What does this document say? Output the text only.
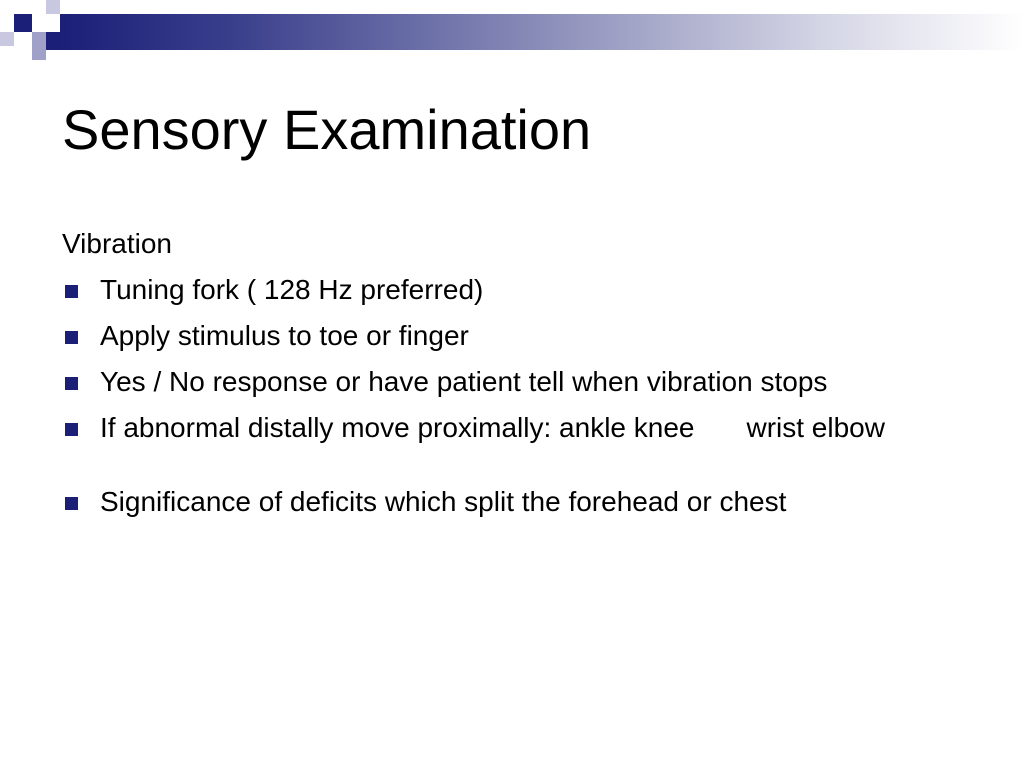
Sensory Examination

Vibration

Tuning fork ( 128 Hz preferred)
Apply stimulus to toe or finger
Yes / No response or have patient tell when vibration stops
If abnormal distally move proximally: ankle knee wrist elbow
Significance of deficits which split the forehead or chest
